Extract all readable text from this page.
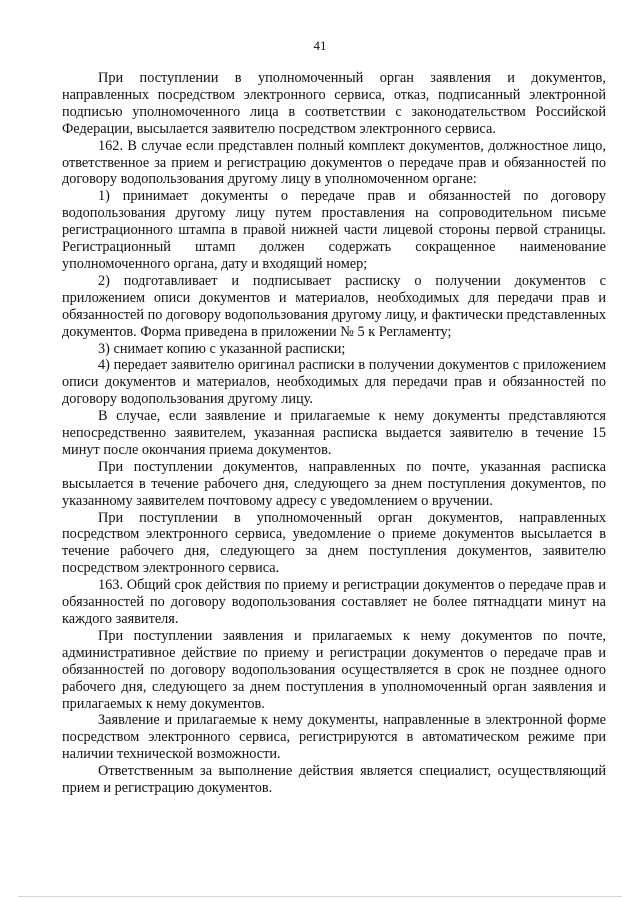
41

При поступлении в уполномоченный орган заявления и документов, направленных посредством электронного сервиса, отказ, подписанный электронной подписью уполномоченного лица в соответствии с законодательством Российской Федерации, высылается заявителю посредством электронного сервиса.

162. В случае если представлен полный комплект документов, должностное лицо, ответственное за прием и регистрацию документов о передаче прав и обязанностей по договору водопользования другому лицу в уполномоченном органе:

1) принимает документы о передаче прав и обязанностей по договору водопользования другому лицу путем проставления на сопроводительном письме регистрационного штампа в правой нижней части лицевой стороны первой страницы. Регистрационный штамп должен содержать сокращенное наименование уполномоченного органа, дату и входящий номер;

2) подготавливает и подписывает расписку о получении документов с приложением описи документов и материалов, необходимых для передачи прав и обязанностей по договору водопользования другому лицу, и фактически представленных документов. Форма приведена в приложении № 5 к Регламенту;

3) снимает копию с указанной расписки;

4) передает заявителю оригинал расписки в получении документов с приложением описи документов и материалов, необходимых для передачи прав и обязанностей по договору водопользования другому лицу.

В случае, если заявление и прилагаемые к нему документы представляются непосредственно заявителем, указанная расписка выдается заявителю в течение 15 минут после окончания приема документов.

При поступлении документов, направленных по почте, указанная расписка высылается в течение рабочего дня, следующего за днем поступления документов, по указанному заявителем почтовому адресу с уведомлением о вручении.

При поступлении в уполномоченный орган документов, направленных посредством электронного сервиса, уведомление о приеме документов высылается в течение рабочего дня, следующего за днем поступления документов, заявителю посредством электронного сервиса.

163. Общий срок действия по приему и регистрации документов о передаче прав и обязанностей по договору водопользования составляет не более пятнадцати минут на каждого заявителя.

При поступлении заявления и прилагаемых к нему документов по почте, административное действие по приему и регистрации документов о передаче прав и обязанностей по договору водопользования осуществляется в срок не позднее одного рабочего дня, следующего за днем поступления в уполномоченный орган заявления и прилагаемых к нему документов.

Заявление и прилагаемые к нему документы, направленные в электронной форме посредством электронного сервиса, регистрируются в автоматическом режиме при наличии технической возможности.

Ответственным за выполнение действия является специалист, осуществляющий прием и регистрацию документов.
